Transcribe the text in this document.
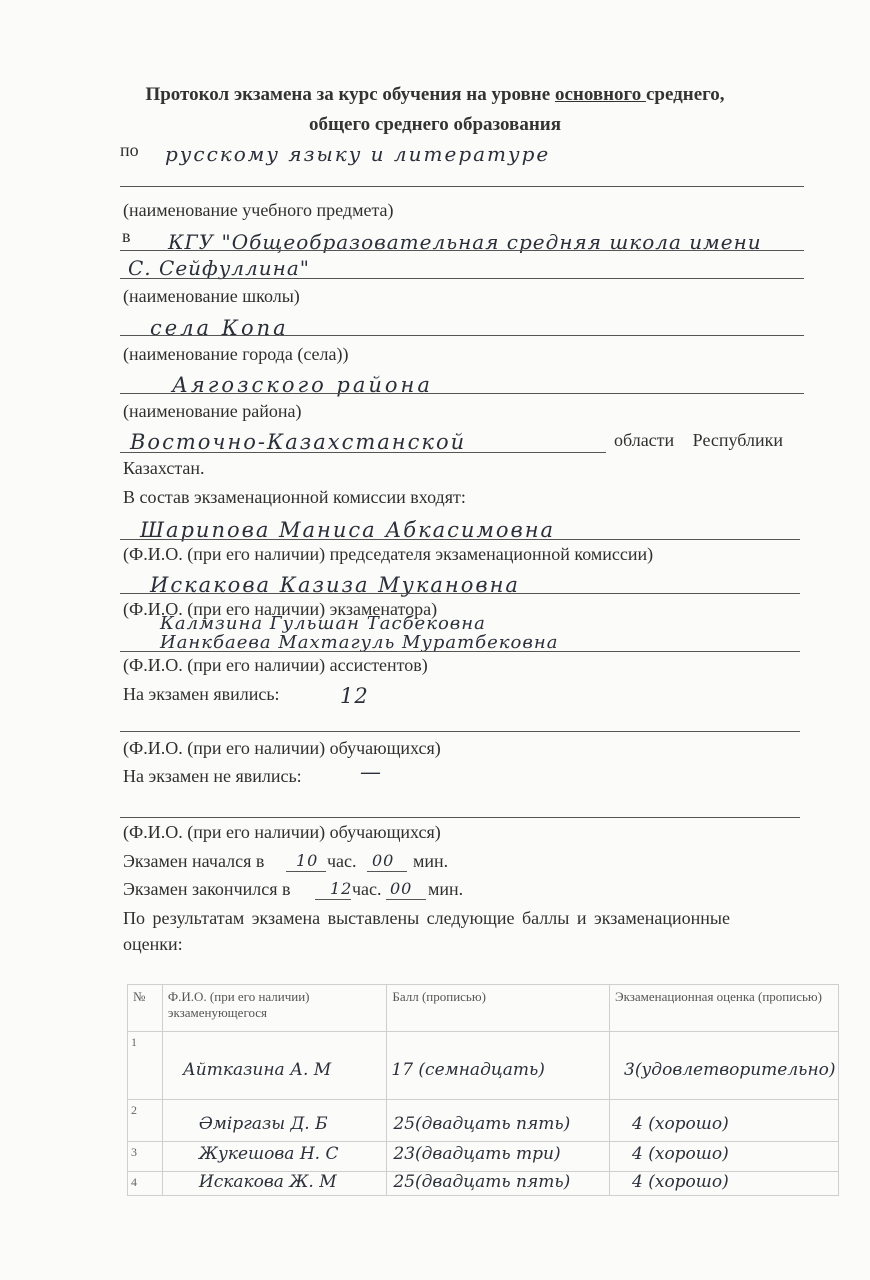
Протокол экзамена за курс обучения на уровне основного среднего,
общего среднего образования
по русскому языку и литературе
(наименование учебного предмета)
в КГУ "Общеобразовательная средняя школа имени
С. Сейфуллина"
(наименование школы)
села Копа
(наименование города (села))
Аягозского района
(наименование района)
Восточно-Казахстанской	области Республики
Казахстан.
В состав экзаменационной комиссии входят:
Шарипова Маниса Абкасимовна
(Ф.И.О. (при его наличии) председателя экзаменационной комиссии)
Искакова Казиза Мукановна
(Ф.И.О. (при его наличии) экзаменатора)
Калмзина Гульшан Тасбековна
Ианкбаева Махтагуль Муратбековна
(Ф.И.О. (при его наличии) ассистентов)
На экзамен явились:	12
(Ф.И.О. (при его наличии) обучающихся)
На экзамен не явились:	—
(Ф.И.О. (при его наличии) обучающихся)
Экзамен начался в 10 час. 00 мин.
Экзамен закончился в 12 час. 00 мин.
По результатам экзамена выставлены следующие баллы и экзаменационные
оценки:
№	Ф.И.О. (при его наличии) экзаменующегося	Балл (прописью)	Экзаменационная оценка (прописью)
1	Айтказина А. М	17 (семнадцать)	3(удовлетворительно)

2	Әміргазы Д. Б	25(двадцать пять)	4 (хорошо)

3	Жукешова Н. С	23(двадцать три)	4 (хорошо)

4	Искакова Ж. М	25(двадцать пять)	4 (хорошо)
